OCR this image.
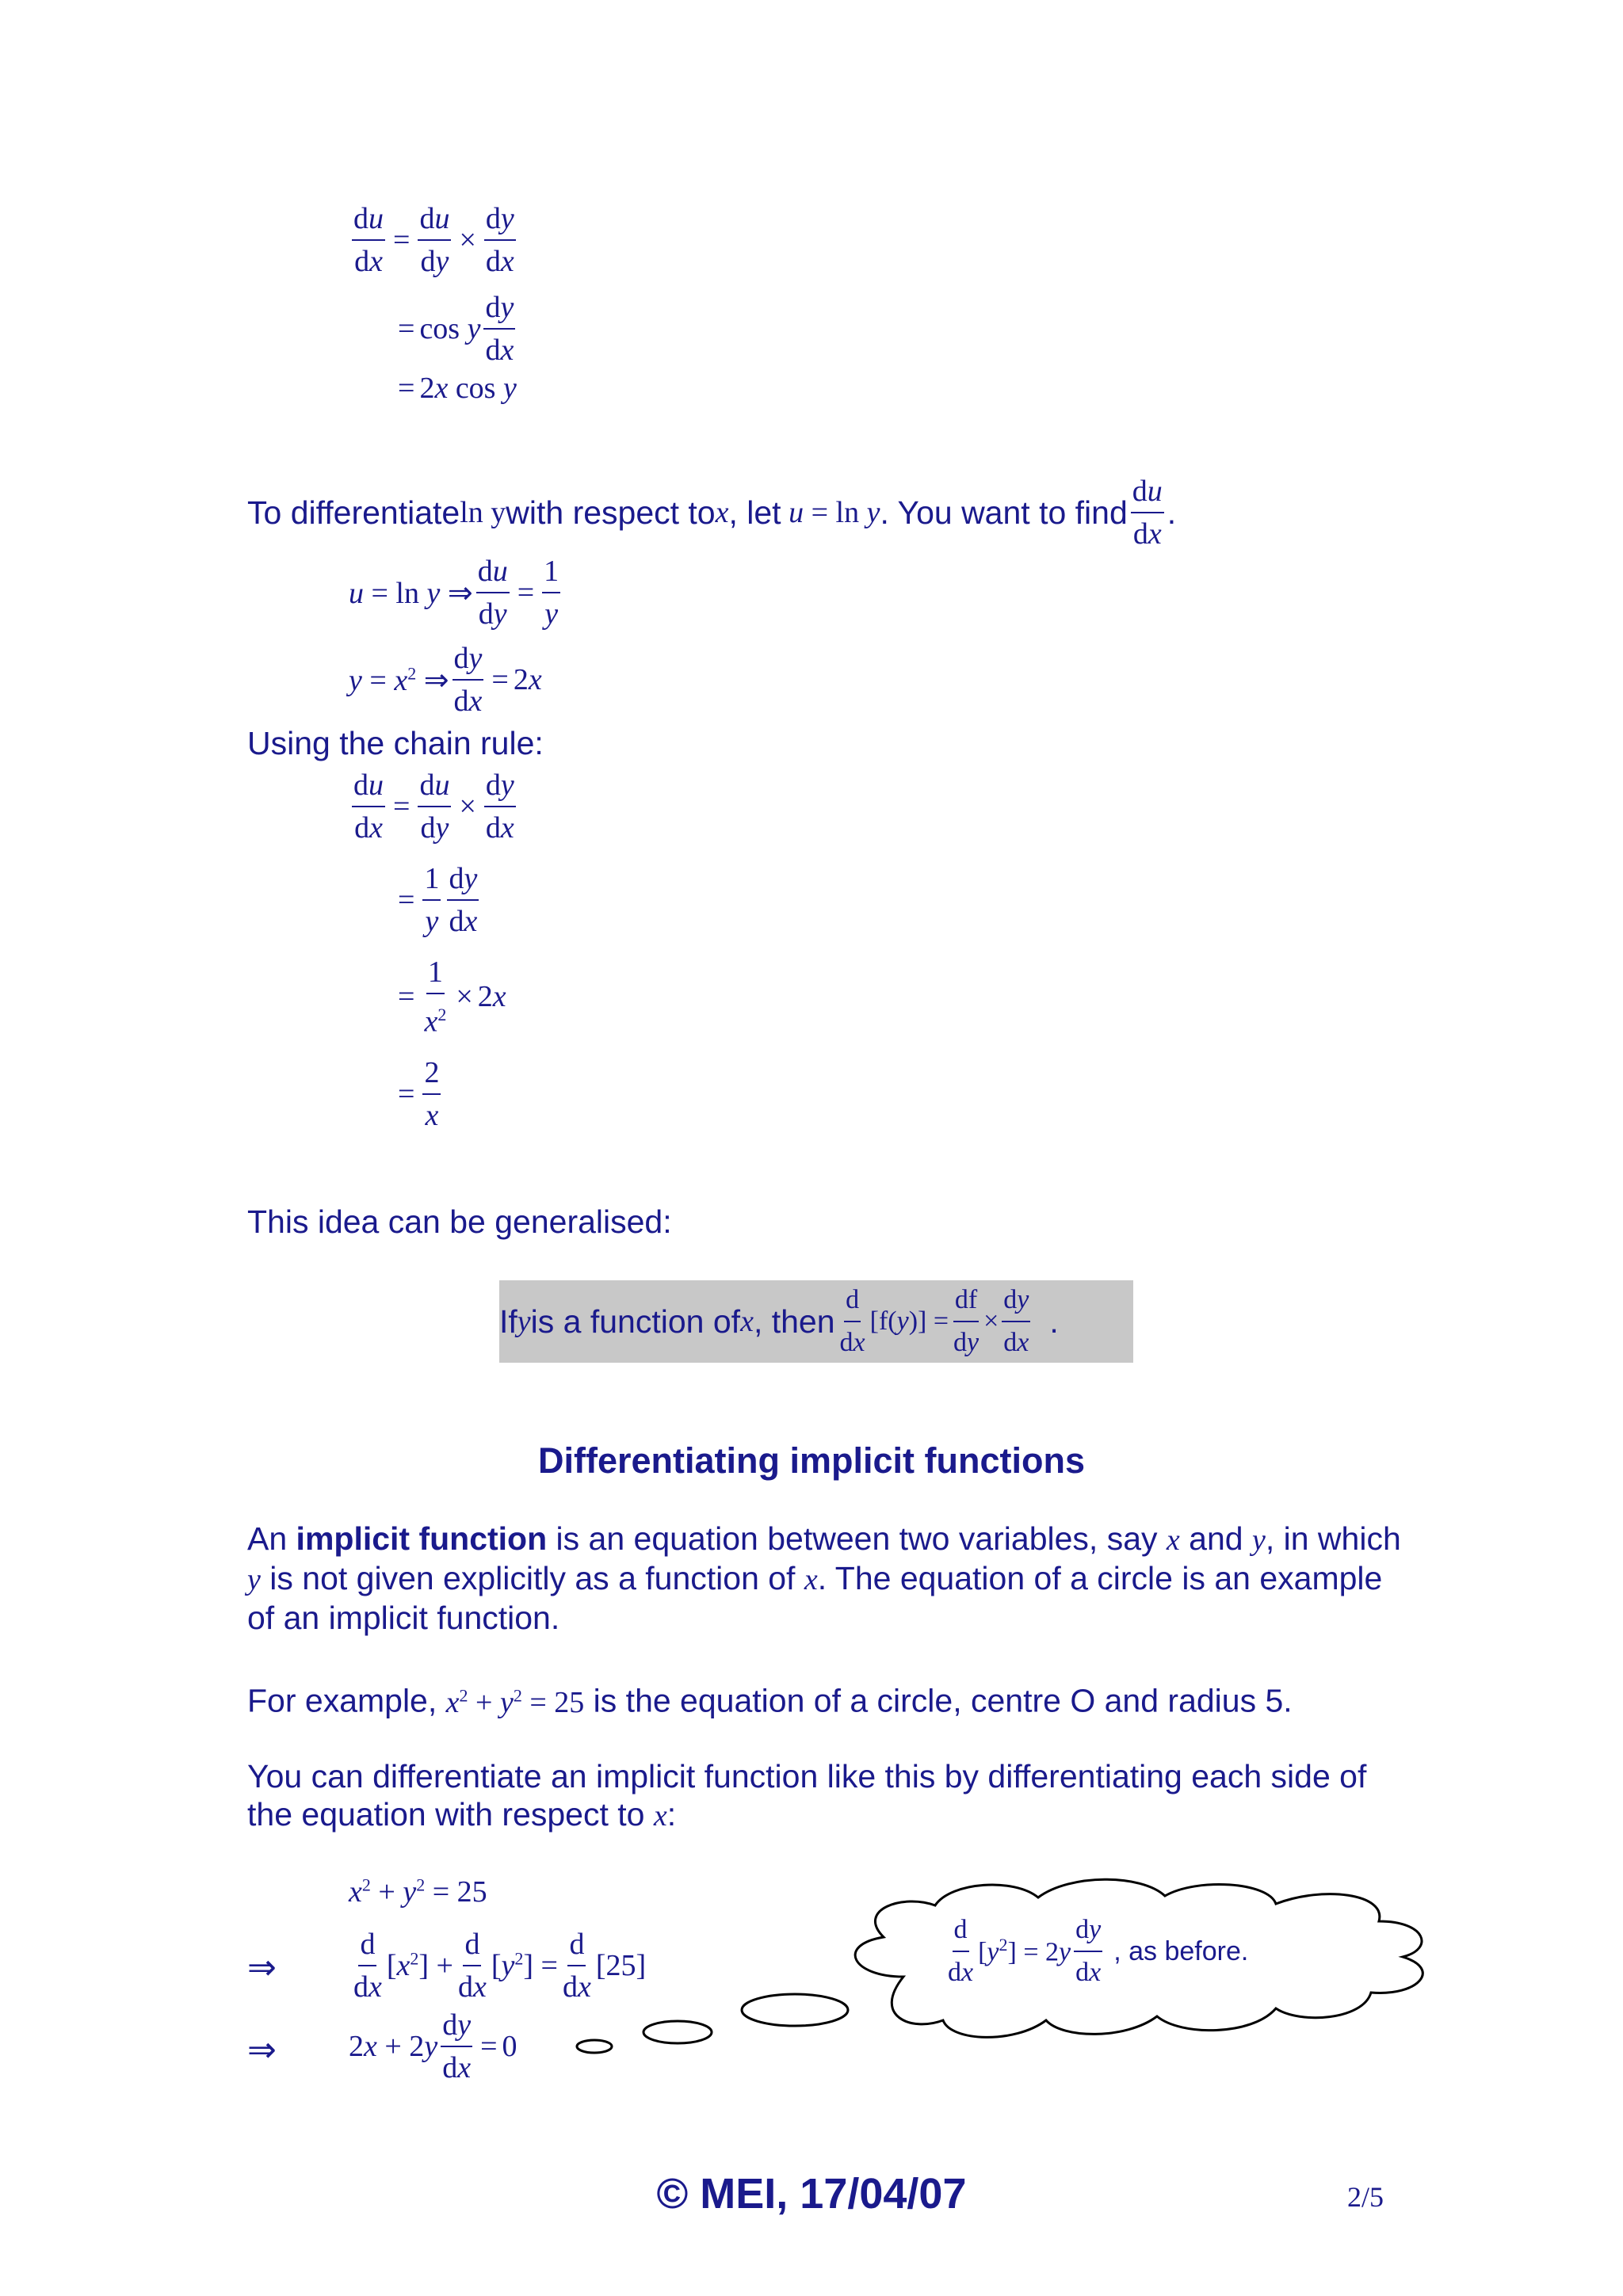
$\frac{du}{dx} = \frac{du}{dy} \times \frac{dy}{dx}$
= cos y $\frac{dy}{dx}$
= 2x cos y
To differentiate ln y with respect to x , let u = ln y . You want to find $\frac{du}{dx}$ .
u = ln y ⇒ $\frac{du}{dy} = \frac{1}{y}$
$y = x^2$ ⇒ $\frac{dy}{dx} = 2x$
Using the chain rule:
$\frac{du}{dx} = \frac{du}{dy} \times \frac{dy}{dx}$
= $\frac{1}{y} \frac{dy}{dx}$
= $\frac{1}{x^2} \times 2x$
= $\frac{2}{x}$
This idea can be generalised:
If y is a function of x , then $\frac{d}{dx} [f(y)] = \frac{df}{dy} \times \frac{dy}{dx}$ .
Differentiating implicit functions
An implicit function is an equation between two variables, say x and y, in which y is not given explicitly as a function of x. The equation of a circle is an example of an implicit function.
For example, $x^2 + y^2 = 25$ is the equation of a circle, centre O and radius 5.
You can differentiate an implicit function like this by differentiating each side of the equation with respect to x:
$x^2 + y^2 = 25$
⇒	$\frac{d}{dx} [x^2] + \frac{d}{dx} [y^2] = \frac{d}{dx} [25]$
⇒ $2x + 2y \frac{dy}{dx} = 0$
$\frac{d}{dx} [y^2] = 2y \frac{dy}{dx}$ , as before.
© MEI, 17/04/07	2/5
